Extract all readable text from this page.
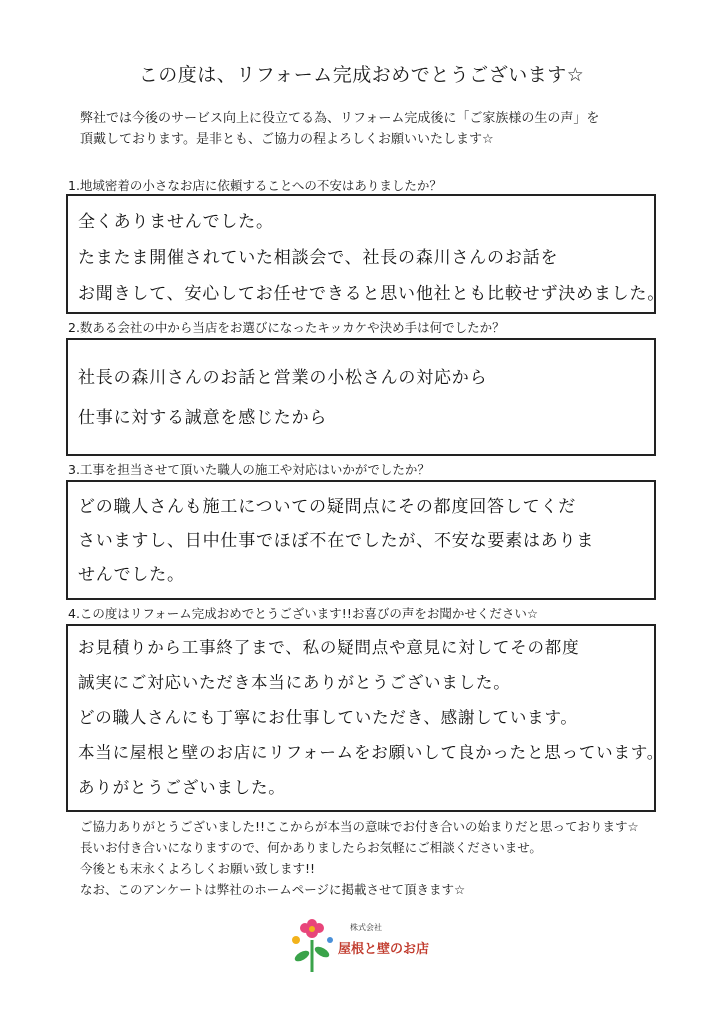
この度は、リフォーム完成おめでとうございます☆
弊社では今後のサービス向上に役立てる為、リフォーム完成後に「ご家族様の生の声」を
頂戴しております。是非とも、ご協力の程よろしくお願いいたします☆
1.地域密着の小さなお店に依頼することへの不安はありましたか？
全くありませんでした。
たまたま開催されていた相談会で、社長の森川さんのお話を
お聞きして、安心してお任せできると思い他社とも比較せず決めました。
2.数ある会社の中から当店をお選びになったキッカケや決め手は何でしたか？
社長の森川さんのお話と営業の小松さんの対応から
仕事に対する誠意を感じたから
3.工事を担当させて頂いた職人の施工や対応はいかがでしたか？
どの職人さんも施工についての疑問点にその都度回答してくだ
さいますし、日中仕事でほぼ不在でしたが、不安な要素はありま
せんでした。
4.この度はリフォーム完成おめでとうございます!!お喜びの声をお聞かせください☆
お見積りから工事終了まで、私の疑問点や意見に対してその都度
誠実にご対応いただき本当にありがとうございました。
どの職人さんにも丁寧にお仕事していただき、感謝しています。
本当に屋根と壁のお店にリフォームをお願いして良かったと思っています。
ありがとうございました。
ご協力ありがとうございました!!ここからが本当の意味でお付き合いの始まりだと思っております☆
長いお付き合いになりますので、何かありましたらお気軽にご相談くださいませ。
今後とも末永くよろしくお願い致します!!
なお、このアンケートは弊社のホームページに掲載させて頂きます☆
株式会社
屋根と壁のお店
